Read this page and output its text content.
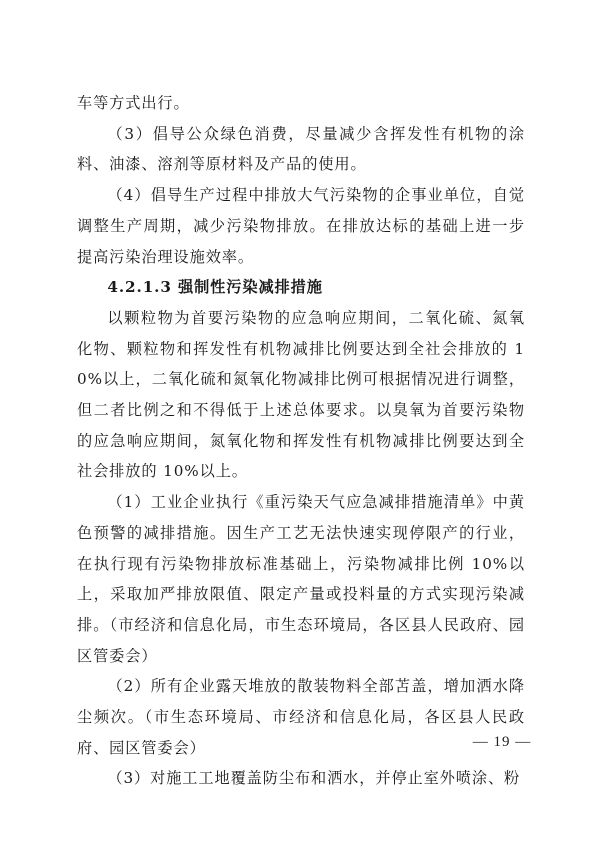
车等方式出行。

（3）倡导公众绿色消费，尽量减少含挥发性有机物的涂料、油漆、溶剂等原材料及产品的使用。

（4）倡导生产过程中排放大气污染物的企事业单位，自觉调整生产周期，减少污染物排放。在排放达标的基础上进一步提高污染治理设施效率。

4.2.1.3 强制性污染减排措施

以颗粒物为首要污染物的应急响应期间，二氧化硫、氮氧化物、颗粒物和挥发性有机物减排比例要达到全社会排放的 10%以上，二氧化硫和氮氧化物减排比例可根据情况进行调整，但二者比例之和不得低于上述总体要求。以臭氧为首要污染物的应急响应期间，氮氧化物和挥发性有机物减排比例要达到全社会排放的 10%以上。

（1）工业企业执行《重污染天气应急减排措施清单》中黄色预警的减排措施。因生产工艺无法快速实现停限产的行业，在执行现有污染物排放标准基础上，污染物减排比例 10%以上，采取加严排放限值、限定产量或投料量的方式实现污染减排。（市经济和信息化局，市生态环境局，各区县人民政府、园区管委会）

（2）所有企业露天堆放的散装物料全部苫盖，增加洒水降尘频次。（市生态环境局、市经济和信息化局，各区县人民政府、园区管委会）

（3）对施工工地覆盖防尘布和洒水，并停止室外喷涂、粉

— 19 —
